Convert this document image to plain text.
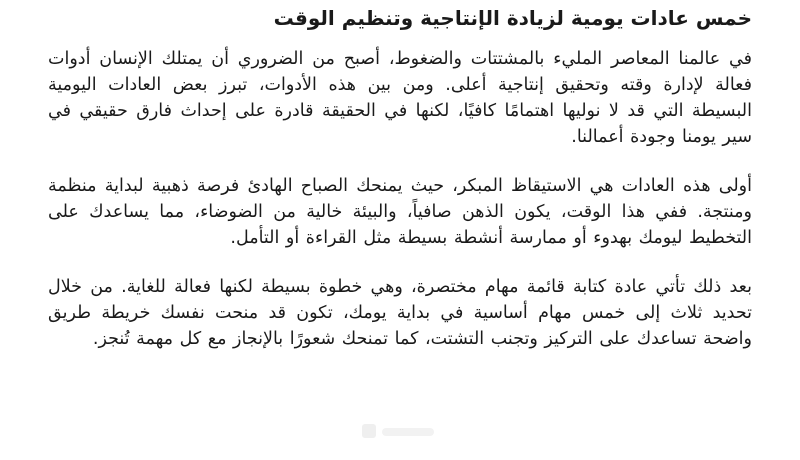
خمس عادات يومية لزيادة الإنتاجية وتنظيم الوقت

في عالمنا المعاصر المليء بالمشتتات والضغوط، أصبح من الضروري أن يمتلك الإنسان أدوات فعالة لإدارة وقته وتحقيق إنتاجية أعلى. ومن بين هذه الأدوات، تبرز بعض العادات اليومية البسيطة التي قد لا نوليها اهتمامًا كافيًا، لكنها في الحقيقة قادرة على إحداث فارق حقيقي في سير يومنا وجودة أعمالنا.

أولى هذه العادات هي الاستيقاظ المبكر، حيث يمنحك الصباح الهادئ فرصة ذهبية لبداية منظمة ومنتجة. ففي هذا الوقت، يكون الذهن صافياً، والبيئة خالية من الضوضاء، مما يساعدك على التخطيط ليومك بهدوء أو ممارسة أنشطة بسيطة مثل القراءة أو التأمل.

بعد ذلك تأتي عادة كتابة قائمة مهام مختصرة، وهي خطوة بسيطة لكنها فعالة للغاية. من خلال تحديد ثلاث إلى خمس مهام أساسية في بداية يومك، تكون قد منحت نفسك خريطة طريق واضحة تساعدك على التركيز وتجنب التشتت، كما تمنحك شعورًا بالإنجاز مع كل مهمة تُنجز.
